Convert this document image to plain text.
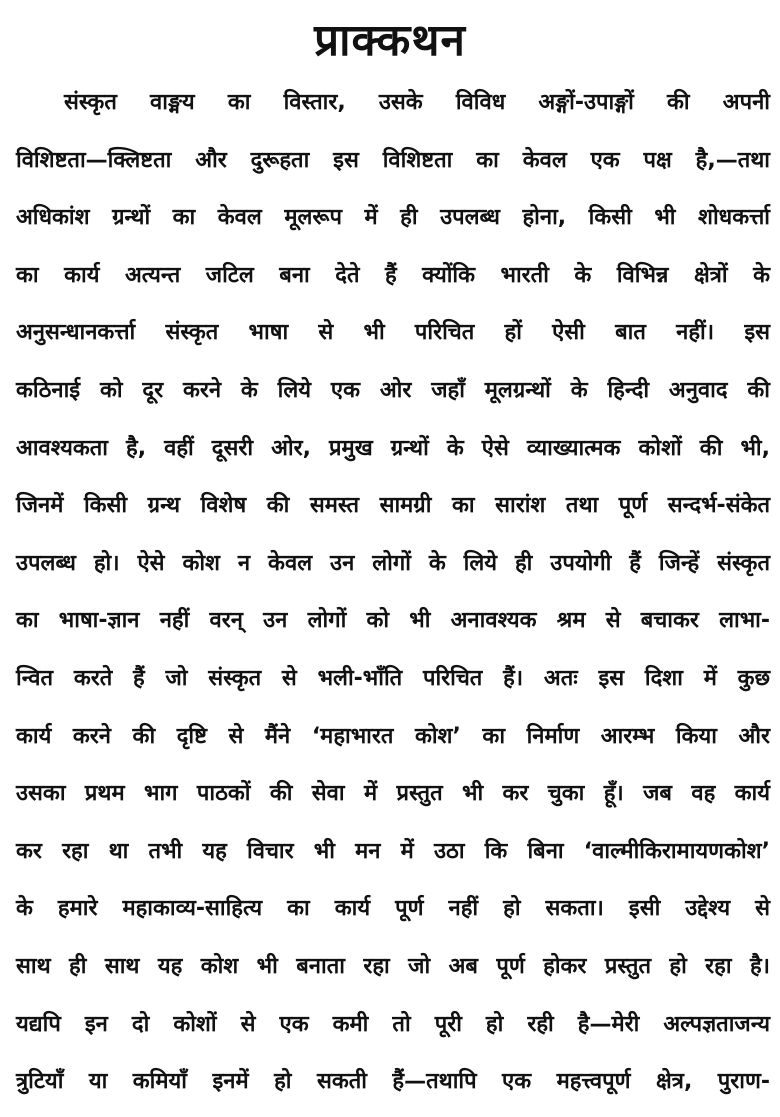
प्राक्कथन
संस्कृत वाङ्मय का विस्तार, उसके विविध अङ्गों-उपाङ्गों की अपनी
विशिष्टता—क्लिष्टता और दुरूहता इस विशिष्टता का केवल एक पक्ष है,—तथा
अधिकांश ग्रन्थों का केवल मूलरूप में ही उपलब्ध होना, किसी भी शोधकर्त्ता
का कार्य अत्यन्त जटिल बना देते हैं क्योंकि भारती के विभिन्न क्षेत्रों के
अनुसन्धानकर्त्ता संस्कृत भाषा से भी परिचित हों ऐसी बात नहीं। इस
कठिनाई को दूर करने के लिये एक ओर जहाँ मूलग्रन्थों के हिन्दी अनुवाद की
आवश्यकता है, वहीं दूसरी ओर, प्रमुख ग्रन्थों के ऐसे व्याख्यात्मक कोशों की भी,
जिनमें किसी ग्रन्थ विशेष की समस्त सामग्री का सारांश तथा पूर्ण सन्दर्भ-संकेत
उपलब्ध हो। ऐसे कोश न केवल उन लोगों के लिये ही उपयोगी हैं जिन्हें संस्कृत
का भाषा-ज्ञान नहीं वरन् उन लोगों को भी अनावश्यक श्रम से बचाकर लाभा-
न्वित करते हैं जो संस्कृत से भली-भाँति परिचित हैं। अतः इस दिशा में कुछ
कार्य करने की दृष्टि से मैंने ‘महाभारत कोश’ का निर्माण आरम्भ किया और
उसका प्रथम भाग पाठकों की सेवा में प्रस्तुत भी कर चुका हूँ। जब वह कार्य
कर रहा था तभी यह विचार भी मन में उठा कि बिना ‘वाल्मीकिरामायणकोश’
के हमारे महाकाव्य-साहित्य का कार्य पूर्ण नहीं हो सकता। इसी उद्देश्य से
साथ ही साथ यह कोश भी बनाता रहा जो अब पूर्ण होकर प्रस्तुत हो रहा है।
यद्यपि इन दो कोशों से एक कमी तो पूरी हो रही है—मेरी अल्पज्ञताजन्य
त्रुटियाँ या कमियाँ इनमें हो सकती हैं—तथापि एक महत्त्वपूर्ण क्षेत्र, पुराण-
